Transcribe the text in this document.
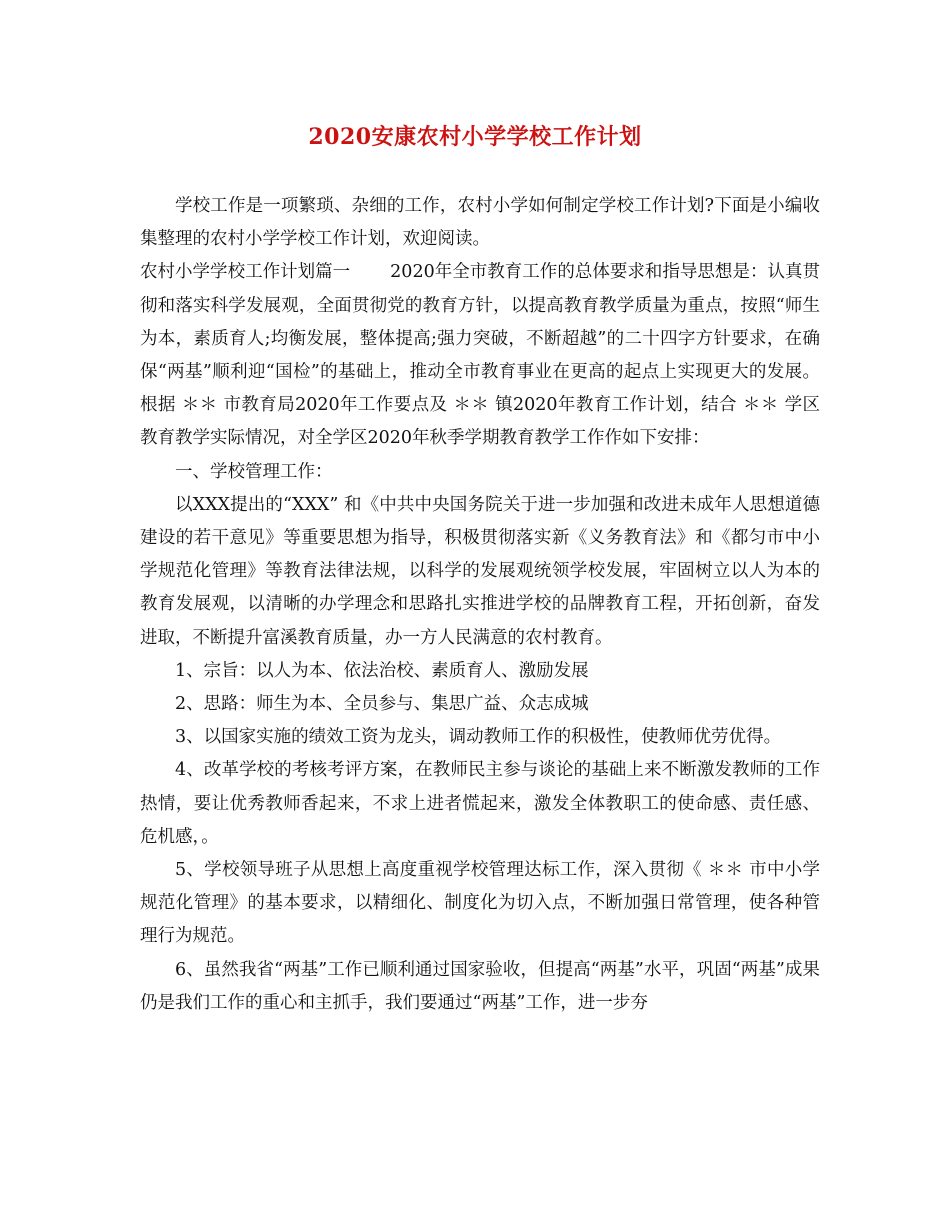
2020安康农村小学学校工作计划

学校工作是一项繁琐、杂细的工作，农村小学如何制定学校工作计划?下面是小编收集整理的农村小学学校工作计划，欢迎阅读。

农村小学学校工作计划篇一 2020年全市教育工作的总体要求和指导思想是：认真贯彻和落实科学发展观，全面贯彻党的教育方针，以提高教育教学质量为重点，按照“师生为本，素质育人;均衡发展，整体提高;强力突破，不断超越”的二十四字方针要求，在确保“两基”顺利迎“国检”的基础上，推动全市教育事业在更高的起点上实现更大的发展。根据 ＊＊ 市教育局2020年工作要点及 ＊＊ 镇2020年教育工作计划，结合 ＊＊ 学区教育教学实际情况，对全学区2020年秋季学期教育教学工作作如下安排：

一、学校管理工作：

以XXX提出的“XXX” 和《中共中央国务院关于进一步加强和改进未成年人思想道德建设的若干意见》等重要思想为指导，积极贯彻落实新《义务教育法》和《都匀市中小学规范化管理》等教育法律法规，以科学的发展观统领学校发展，牢固树立以人为本的教育发展观，以清晰的办学理念和思路扎实推进学校的品牌教育工程，开拓创新，奋发进取，不断提升富溪教育质量，办一方人民满意的农村教育。

1、宗旨：以人为本、依法治校、素质育人、激励发展

2、思路：师生为本、全员参与、集思广益、众志成城

3、以国家实施的绩效工资为龙头，调动教师工作的积极性，使教师优劳优得。

4、改革学校的考核考评方案，在教师民主参与谈论的基础上来不断激发教师的工作热情，要让优秀教师香起来，不求上进者慌起来，激发全体教职工的使命感、责任感、危机感，。

5、学校领导班子从思想上高度重视学校管理达标工作，深入贯彻《 ＊＊ 市中小学规范化管理》的基本要求，以精细化、制度化为切入点，不断加强日常管理，使各种管理行为规范。

6、虽然我省“两基”工作已顺利通过国家验收，但提高“两基”水平，巩固“两基”成果仍是我们工作的重心和主抓手，我们要通过“两基”工作，进一步夯
